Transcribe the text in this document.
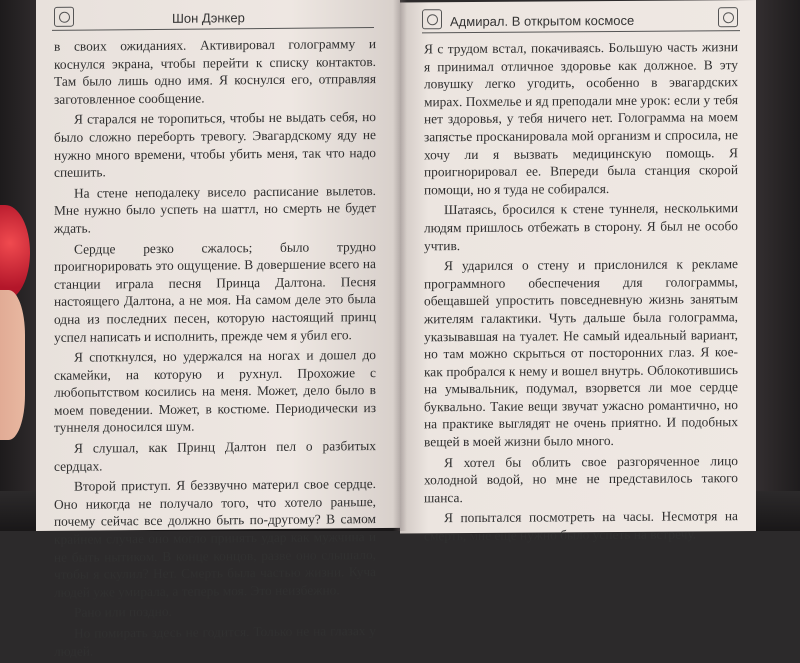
Шон Дэнкер

в своих ожиданиях. Активировал голограмму и коснулся экрана, чтобы перейти к списку контактов. Там было лишь одно имя. Я коснулся его, отправляя заготовленное сообщение.

Я старался не торопиться, чтобы не выдать себя, но было сложно переборть тревогу. Эвагардскому яду не нужно много времени, чтобы убить меня, так что надо спешить.

На стене неподалеку висело расписание вылетов. Мне нужно было успеть на шаттл, но смерть не будет ждать.

Сердце резко сжалось; было трудно проигнорировать это ощущение. В довершение всего на станции играла песня Принца Далтона. Песня настоящего Далтона, а не моя. На самом деле это была одна из последних песен, которую настоящий принц успел написать и исполнить, прежде чем я убил его.

Я споткнулся, но удержался на ногах и дошел до скамейки, на которую и рухнул. Прохожие с любопытством косились на меня. Может, дело было в моем поведении. Может, в костюме. Периодически из туннеля доносился шум.

Я слушал, как Принц Далтон пел о разбитых сердцах.

Второй приступ. Я беззвучно материл свое сердце. Оно никогда не получало того, что хотело раньше, почему сейчас все должно быть по-другому? В самом крайнем случае оно могло принять удар как мужчина и не быть нытиком. В конце концов, разве оно слышало, чтобы я скулил? Нет. Смерть была частью жизни. Куча людей уже умирала, а теперь моя. Это неизбежно.

Рано или поздно.

Но помирать здесь не годится. Только не на глазах у людей.

Адмирал. В открытом космосе

Я с трудом встал, покачиваясь. Большую часть жизни я принимал отличное здоровье как должное. В эту ловушку легко угодить, особенно в эвагардских мирах. Похмелье и яд преподали мне урок: если у тебя нет здоровья, у тебя ничего нет. Голограмма на моем запястье просканировала мой организм и спросила, не хочу ли я вызвать медицинскую помощь. Я проигнорировал ее. Впереди была станция скорой помощи, но я туда не собирался.

Шатаясь, бросился к стене туннеля, несколькими людям пришлось отбежать в сторону. Я был не особо учтив.

Я ударился о стену и прислонился к рекламе программного обеспечения для голограммы, обещавшей упростить повседневную жизнь занятым жителям галактики. Чуть дальше была голограмма, указывавшая на туалет. Не самый идеальный вариант, но там можно скрыться от посторонних глаз. Я кое-как пробрался к нему и вошел внутрь. Облокотившись на умывальник, подумал, взорвется ли мое сердце буквально. Такие вещи звучат ужасно романтично, но на практике выглядят не очень приятно. И подобных вещей в моей жизни было много.

Я хотел бы облить свое разгоряченное лицо холодной водой, но мне не представилось такого шанса.

Я попытался посмотреть на часы. Несмотря на смерть, мне еще нужно было успеть на встречу.
